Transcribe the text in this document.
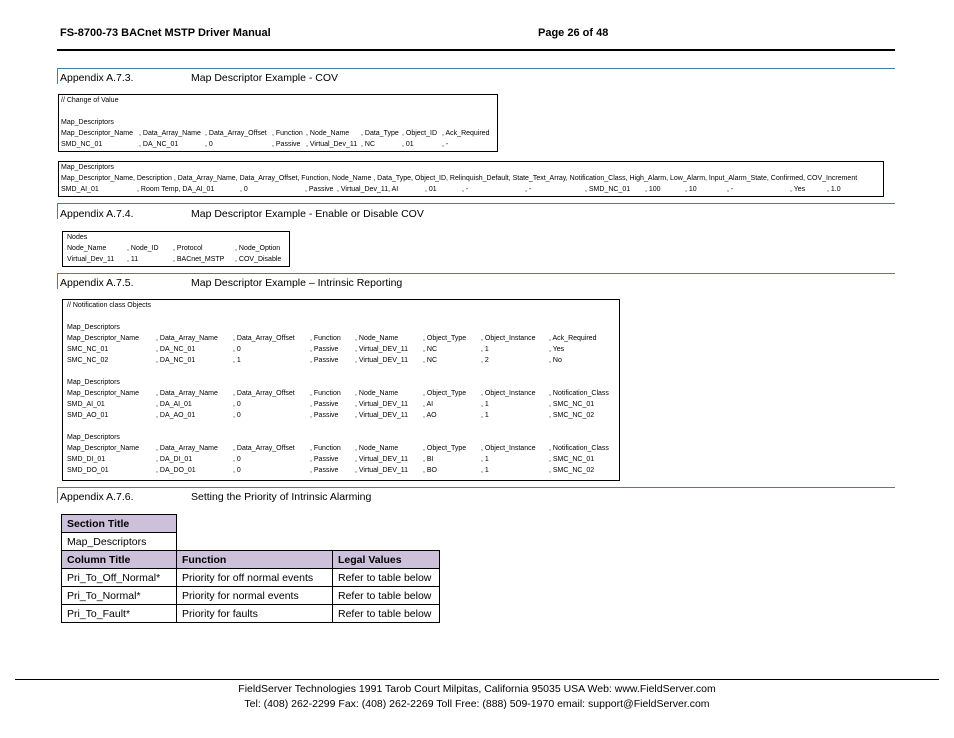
FS-8700-73 BACnet MSTP Driver Manual	Page 26 of 48
Appendix A.7.3.	Map Descriptor Example - COV
// Change of Value
Map_Descriptors
Map_Descriptor_Name , Data_Array_Name , Data_Array_Offset , Function , Node_Name , Data_Type , Object_ID , Ack_Required
SMD_NC_01	, DA_NC_01	, 0	, Passive , Virtual_Dev_11 , NC	, 01	, -
Map_Descriptors
Map_Descriptor_Name, Description , Data_Array_Name, Data_Array_Offset, Function, Node_Name , Data_Type, Object_ID, Relinquish_Default, State_Text_Array, Notification_Class, High_Alarm, Low_Alarm, Input_Alarm_State, Confirmed, COV_Increment
SMD_AI_01	, Room Temp, DA_AI_01	, 0	, Passive , Virtual_Dev_11, AI	, 01	, -	, -	, SMD_NC_01 , 100	, 10	, -	, Yes	, 1.0
Appendix A.7.4.	Map Descriptor Example - Enable or Disable COV
Nodes
Node_Name	, Node_ID , Protocol	, Node_Option
Virtual_Dev_11 , 11	, BACnet_MSTP , COV_Disable
Appendix A.7.5.	Map Descriptor Example – Intrinsic Reporting
// Notification class Objects
Map_Descriptors
Map_Descriptor_Name , Data_Array_Name , Data_Array_Offset , Function , Node_Name	, Object_Type , Object_Instance , Ack_Required
SMC_NC_01	, DA_NC_01	, 0	, Passive , Virtual_DEV_11 , NC	, 1	, Yes
SMC_NC_02	, DA_NC_01	, 1	, Passive , Virtual_DEV_11 , NC	, 2	, No
Map_Descriptors
Map_Descriptor_Name , Data_Array_Name , Data_Array_Offset , Function , Node_Name	, Object_Type , Object_Instance , Notification_Class
SMD_AI_01	, DA_AI_01	, 0	, Passive , Virtual_DEV_11 , AI	, 1	, SMC_NC_01
SMD_AO_01	, DA_AO_01	, 0	, Passive , Virtual_DEV_11 , AO	, 1	, SMC_NC_02
Map_Descriptors
Map_Descriptor_Name , Data_Array_Name , Data_Array_Offset , Function , Node_Name	, Object_Type , Object_Instance , Notification_Class
SMD_DI_01	, DA_DI_01	, 0	, Passive , Virtual_DEV_11 , BI	, 1	, SMC_NC_01
SMD_DO_01	, DA_DO_01	, 0	, Passive , Virtual_DEV_11 , BO	, 1	, SMC_NC_02
Appendix A.7.6.	Setting the Priority of Intrinsic Alarming
Section Title
Map_Descriptors
Column Title	Function	Legal Values
Pri_To_Off_Normal*	Priority for off normal events	Refer to table below
Pri_To_Normal*	Priority for normal events	Refer to table below
Pri_To_Fault*	Priority for faults	Refer to table below
FieldServer Technologies 1991 Tarob Court Milpitas, California 95035 USA Web: www.FieldServer.com
Tel: (408) 262-2299 Fax: (408) 262-2269 Toll Free: (888) 509-1970 email: support@FieldServer.com
